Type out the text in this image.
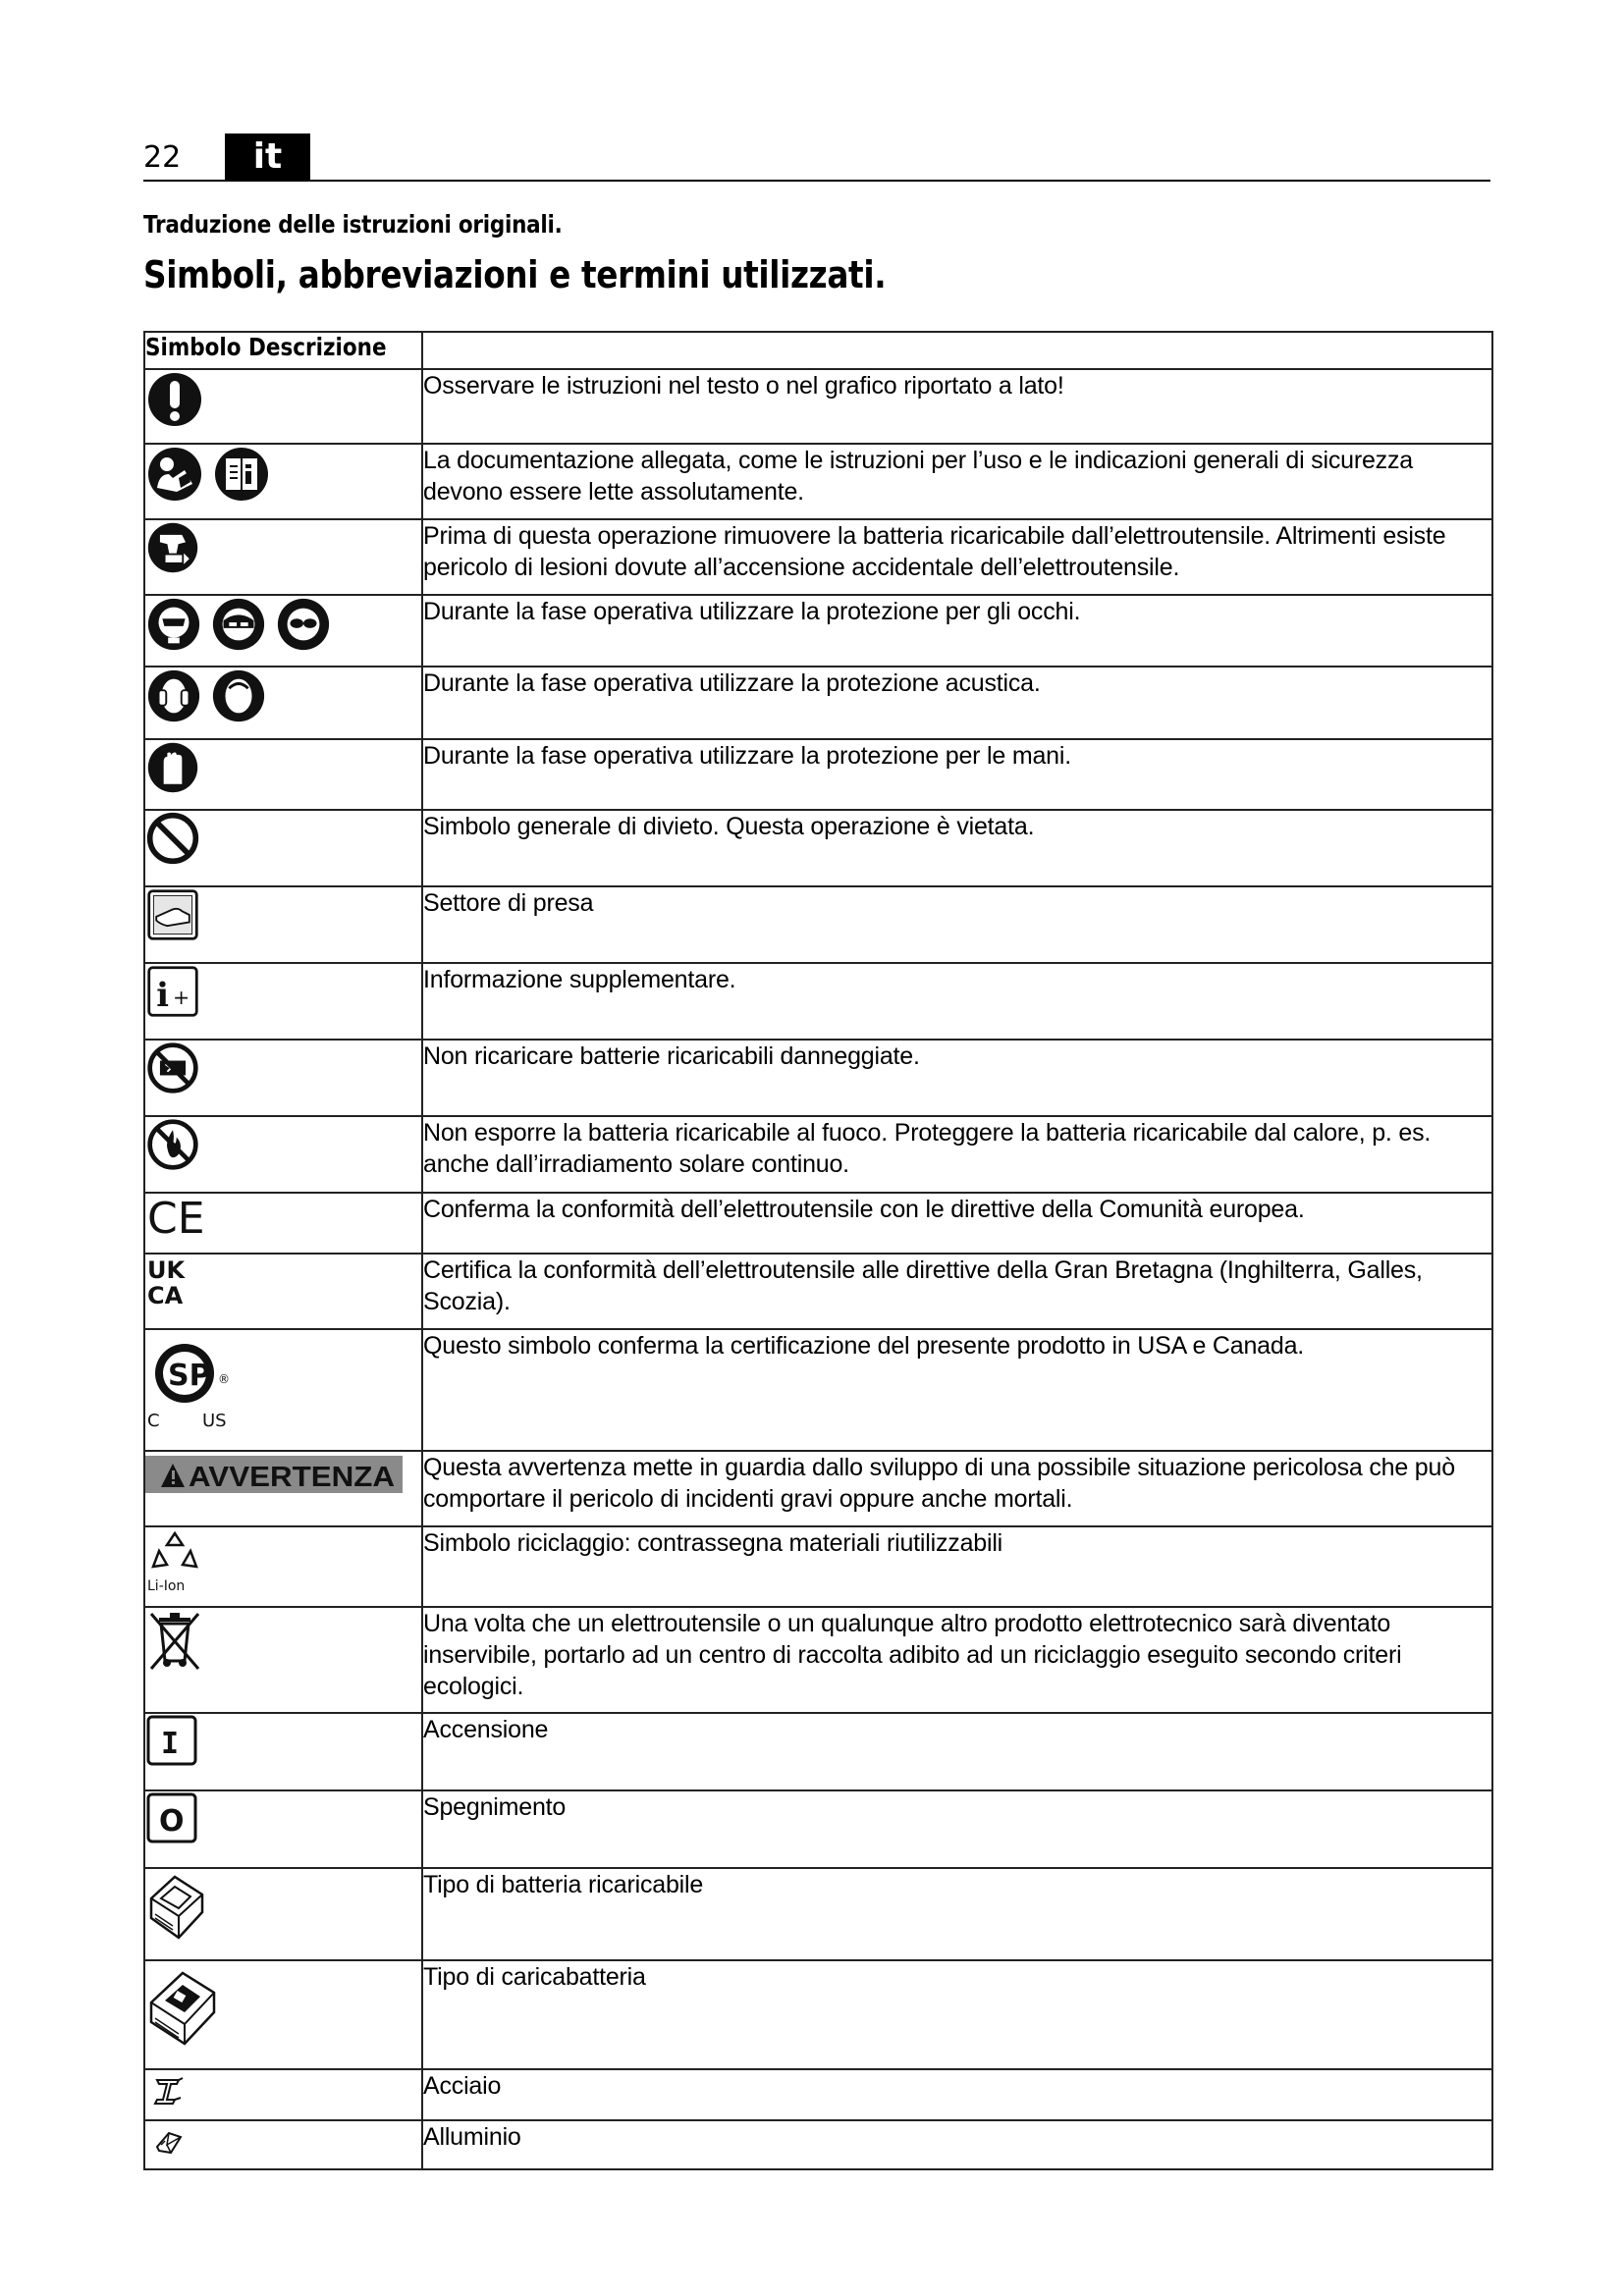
22	it
Traduzione delle istruzioni originali.
Simboli, abbreviazioni e termini utilizzati.
Simbolo Descrizione	

	Osservare le istruzioni nel testo o nel grafico riportato a lato!

	La documentazione allegata, come le istruzioni per l’uso e le indicazioni generali di sicurezza devono essere lette assolutamente.

	Prima di questa operazione rimuovere la batteria ricaricabile dall’elettroutensile. Altrimenti esiste pericolo di lesioni dovute all’accensione accidentale dell’elettroutensile.

	Durante la fase operativa utilizzare la protezione per gli occhi.

	Durante la fase operativa utilizzare la protezione acustica.

	Durante la fase operativa utilizzare la protezione per le mani.

	Simbolo generale di divieto. Questa operazione è vietata.

	Settore di presa

i +	Informazione supplementare.

	Non ricaricare batterie ricaricabili danneggiate.

	Non esporre la batteria ricaricabile al fuoco. Proteggere la batteria ricaricabile dal calore, p. es. anche dall’irradiamento solare continuo.

CE	Conferma la conformità dell’elettroutensile con le direttive della Comunità europea.

UK
CA	Certifica la conformità dell’elettroutensile alle direttive della Gran Bretagna (Inghilterra, Galles, Scozia).

SP ®
C US	Questo simbolo conferma la certificazione del presente prodotto in USA e Canada.

AVVERTENZA	Questa avvertenza mette in guardia dallo sviluppo di una possibile situazione pericolosa che può comportare il pericolo di incidenti gravi oppure anche mortali.

Li-Ion	Simbolo riciclaggio: contrassegna materiali riutilizzabili

	Una volta che un elettroutensile o un qualunque altro prodotto elettrotecnico sarà diventato inservibile, portarlo ad un centro di raccolta adibito ad un riciclaggio eseguito secondo criteri ecologici.

I	Accensione

O	Spegnimento

	Tipo di batteria ricaricabile

	Tipo di caricabatteria

	Acciaio

	Alluminio
